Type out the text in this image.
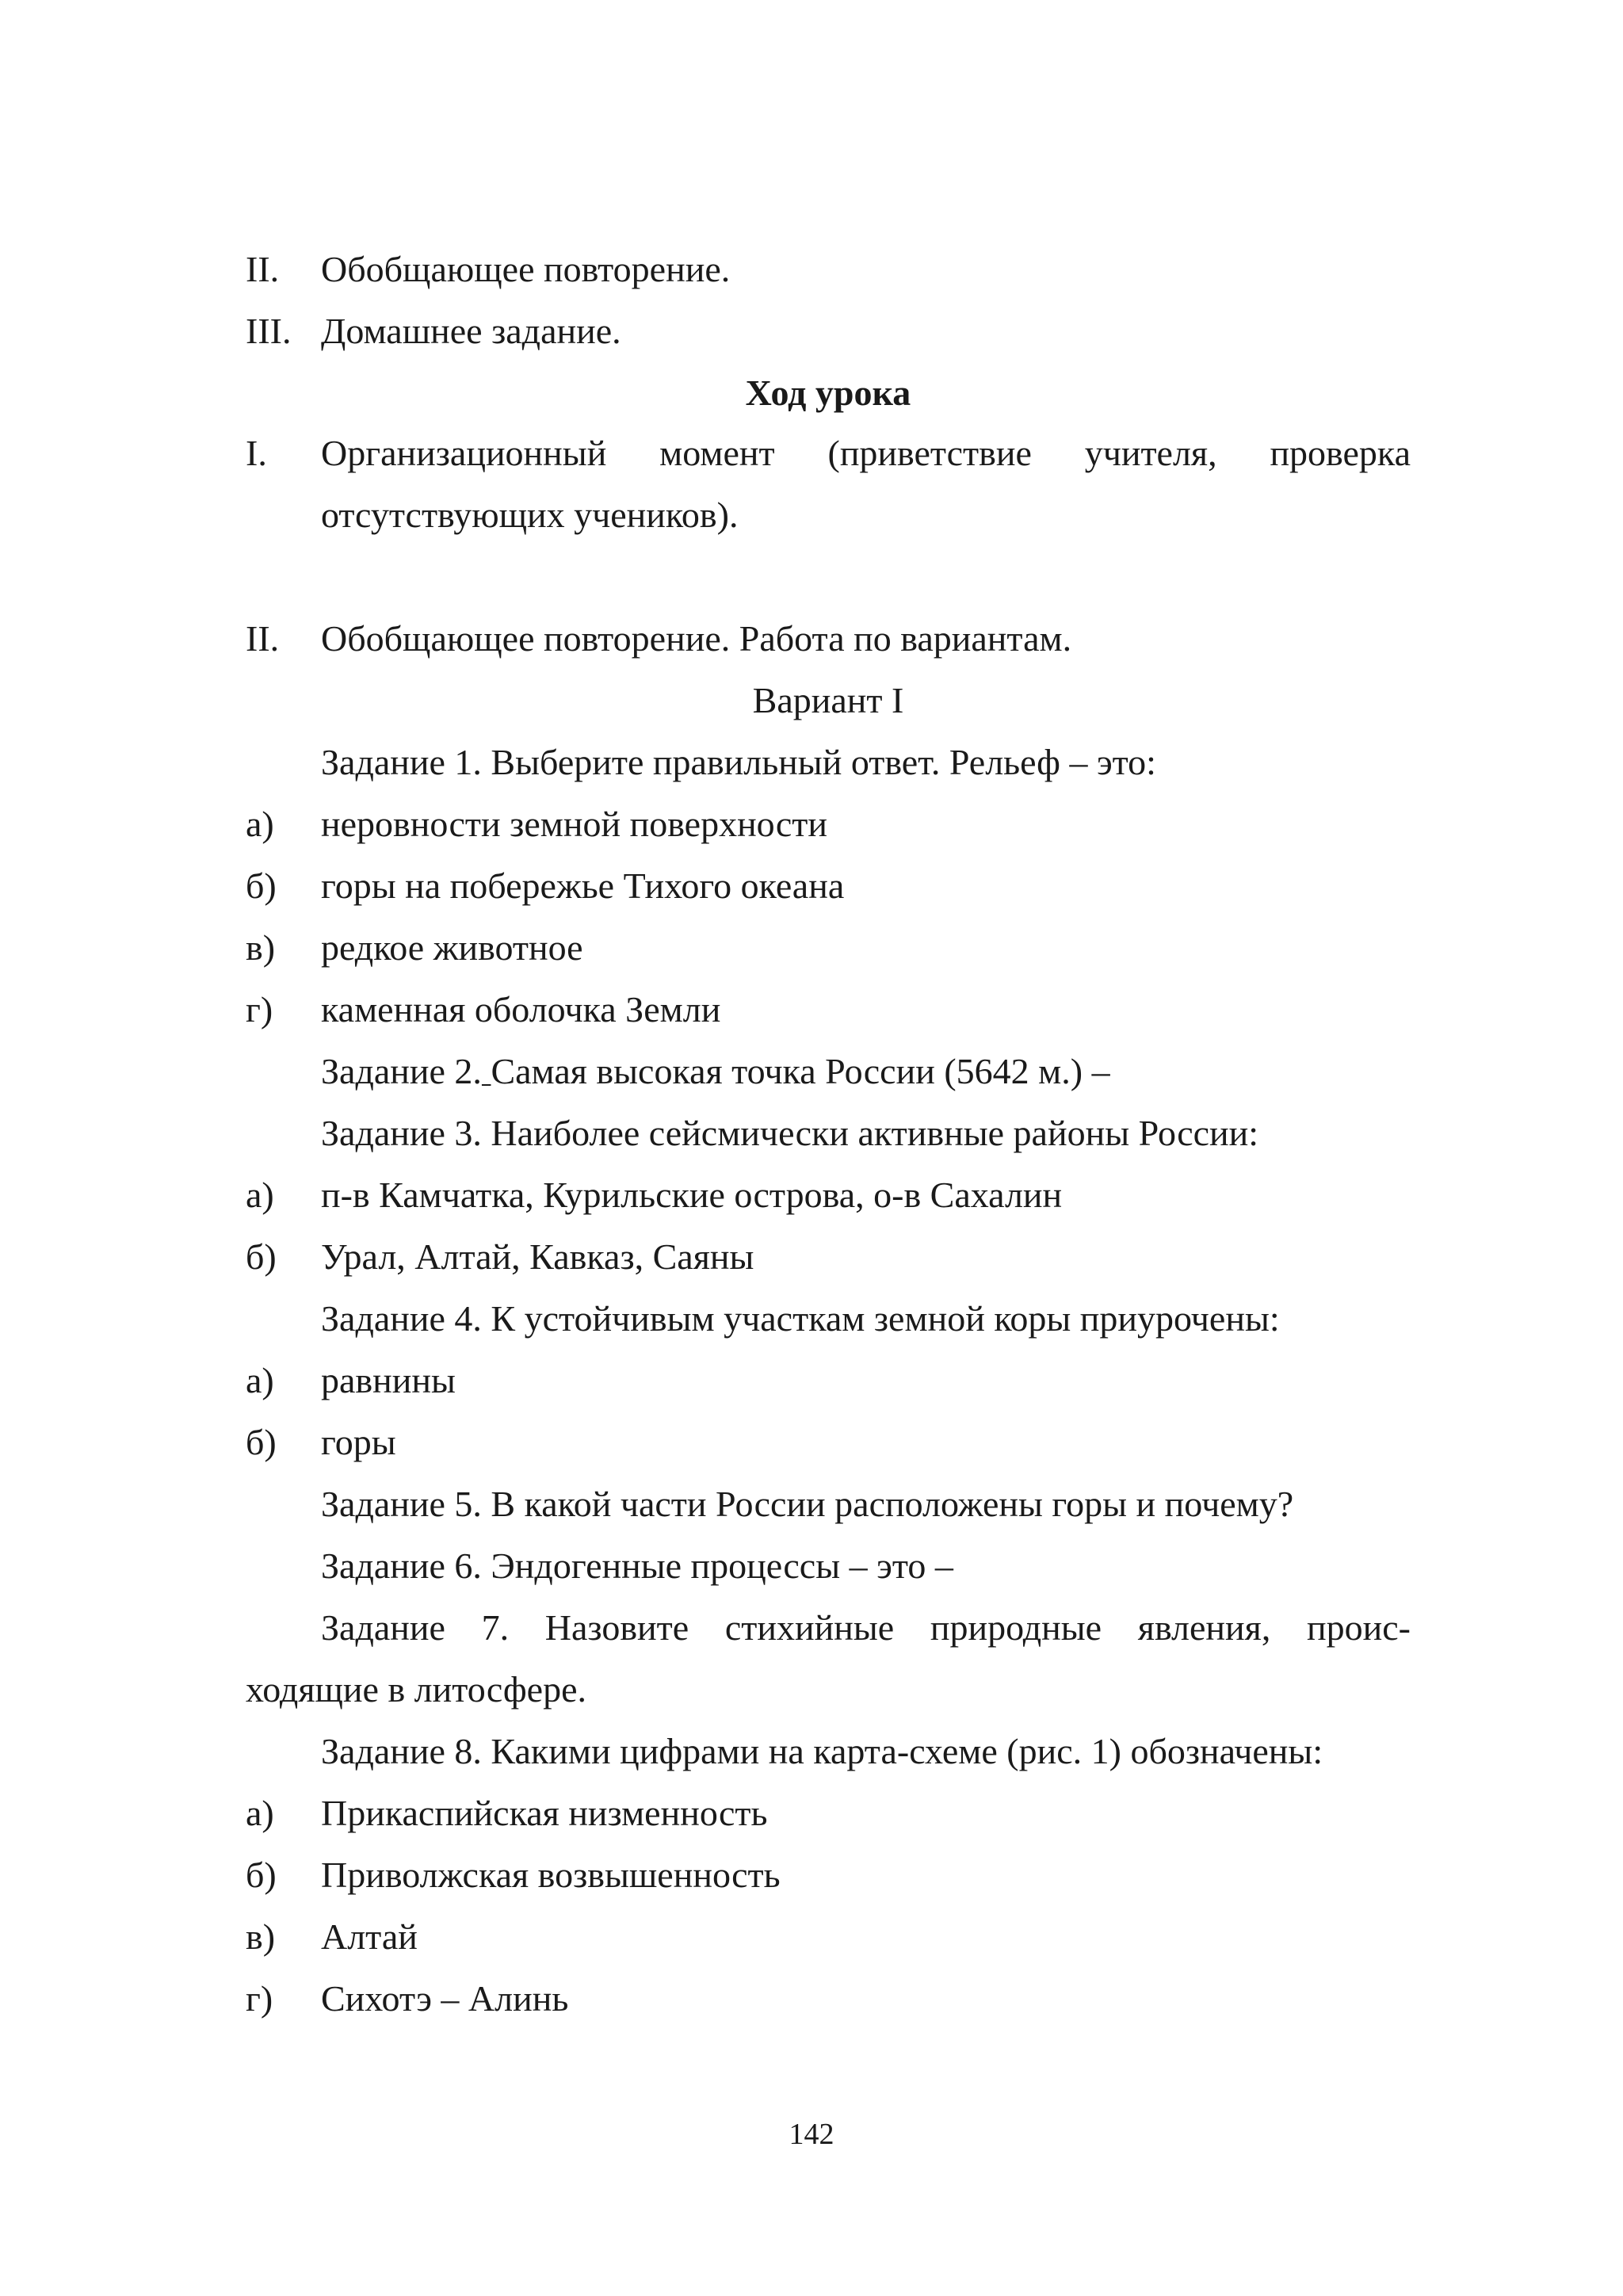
II. Обобщающее повторение.
III. Домашнее задание.
Ход урока
I. Организационный момент (приветствие учителя, проверка
отсутствующих учеников).
II. Обобщающее повторение. Работа по вариантам.
Вариант I
Задание 1. Выберите правильный ответ. Рельеф – это:
а) неровности земной поверхности
б) горы на побережье Тихого океана
в) редкое животное
г) каменная оболочка Земли
Задание 2. Самая высокая точка России (5642 м.) –
Задание 3. Наиболее сейсмически активные районы России:
а) п-в Камчатка, Курильские острова, о-в Сахалин
б) Урал, Алтай, Кавказ, Саяны
Задание 4. К устойчивым участкам земной коры приурочены:
а) равнины
б) горы
Задание 5. В какой части России расположены горы и почему?
Задание 6. Эндогенные процессы – это –
Задание 7. Назовите стихийные природные явления, проис-
ходящие в литосфере.
Задание 8. Какими цифрами на карта-схеме (рис. 1) обозначены:
а) Прикаспийская низменность
б) Приволжская возвышенность
в) Алтай
г) Сихотэ – Алинь
142
